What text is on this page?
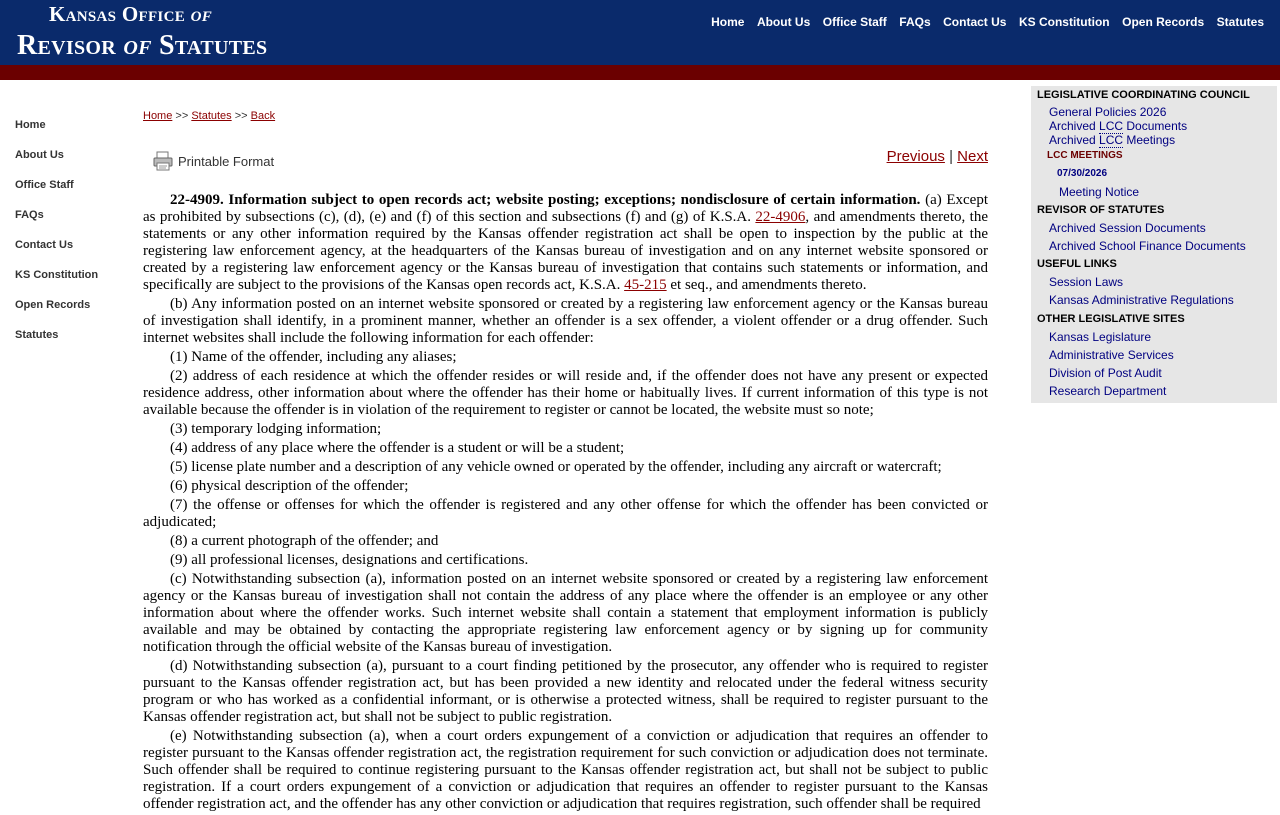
Kansas Office of
Revisor of Statutes
Home About Us Office Staff FAQs Contact Us KS Constitution Open Records Statutes
Home
About Us
Office Staff
FAQs
Contact Us
KS Constitution
Open Records
Statutes
Home >> Statutes >> Back
Printable Format	Previous | Next

22-4909. Information subject to open records act; website posting; exceptions; nondisclosure of certain information. (a) Except as prohibited by subsections (c), (d), (e) and (f) of this section and subsections (f) and (g) of K.S.A. 22-4906, and amendments thereto, the statements or any other information required by the Kansas offender registration act shall be open to inspection by the public at the registering law enforcement agency, at the headquarters of the Kansas bureau of investigation and on any internet website sponsored or created by a registering law enforcement agency or the Kansas bureau of investigation that contains such statements or information, and specifically are subject to the provisions of the Kansas open records act, K.S.A. 45-215 et seq., and amendments thereto.

(b) Any information posted on an internet website sponsored or created by a registering law enforcement agency or the Kansas bureau of investigation shall identify, in a prominent manner, whether an offender is a sex offender, a violent offender or a drug offender. Such internet websites shall include the following information for each offender:

(1) Name of the offender, including any aliases;

(2) address of each residence at which the offender resides or will reside and, if the offender does not have any present or expected residence address, other information about where the offender has their home or habitually lives. If current information of this type is not available because the offender is in violation of the requirement to register or cannot be located, the website must so note;

(3) temporary lodging information;

(4) address of any place where the offender is a student or will be a student;

(5) license plate number and a description of any vehicle owned or operated by the offender, including any aircraft or watercraft;

(6) physical description of the offender;

(7) the offense or offenses for which the offender is registered and any other offense for which the offender has been convicted or adjudicated;

(8) a current photograph of the offender; and

(9) all professional licenses, designations and certifications.

(c) Notwithstanding subsection (a), information posted on an internet website sponsored or created by a registering law enforcement agency or the Kansas bureau of investigation shall not contain the address of any place where the offender is an employee or any other information about where the offender works. Such internet website shall contain a statement that employment information is publicly available and may be obtained by contacting the appropriate registering law enforcement agency or by signing up for community notification through the official website of the Kansas bureau of investigation.

(d) Notwithstanding subsection (a), pursuant to a court finding petitioned by the prosecutor, any offender who is required to register pursuant to the Kansas offender registration act, but has been provided a new identity and relocated under the federal witness security program or who has worked as a confidential informant, or is otherwise a protected witness, shall be required to register pursuant to the Kansas offender registration act, but shall not be subject to public registration.

(e) Notwithstanding subsection (a), when a court orders expungement of a conviction or adjudication that requires an offender to register pursuant to the Kansas offender registration act, the registration requirement for such conviction or adjudication does not terminate. Such offender shall be required to continue registering pursuant to the Kansas offender registration act, but shall not be subject to public registration. If a court orders expungement of a conviction or adjudication that requires an offender to register pursuant to the Kansas offender registration act, and the offender has any other conviction or adjudication that requires registration, such offender shall be required

LEGISLATIVE COORDINATING COUNCIL
General Policies 2026
Archived LCC Documents
Archived LCC Meetings
LCC MEETINGS
07/30/2026
Meeting Notice
REVISOR OF STATUTES
Archived Session Documents
Archived School Finance Documents
USEFUL LINKS
Session Laws
Kansas Administrative Regulations
OTHER LEGISLATIVE SITES
Kansas Legislature
Administrative Services
Division of Post Audit
Research Department
